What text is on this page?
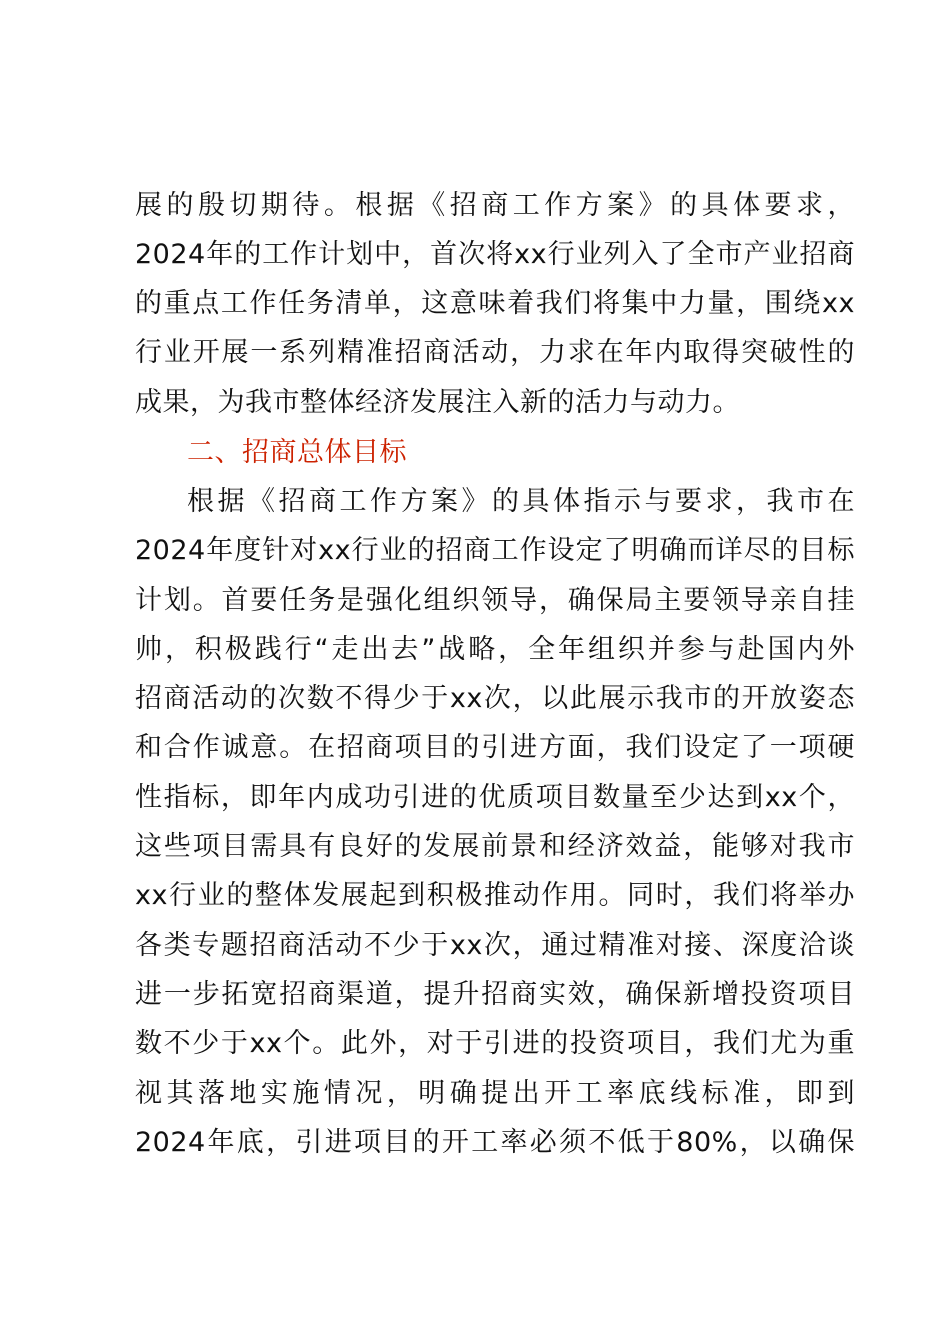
展的殷切期待。根据《招商工作方案》的具体要求，
2024年的工作计划中，首次将xx行业列入了全市产业招商
的重点工作任务清单，这意味着我们将集中力量，围绕xx
行业开展一系列精准招商活动，力求在年内取得突破性的
成果，为我市整体经济发展注入新的活力与动力。
二、招商总体目标
根据《招商工作方案》的具体指示与要求，我市在
2024年度针对xx行业的招商工作设定了明确而详尽的目标
计划。首要任务是强化组织领导，确保局主要领导亲自挂
帅，积极践行“走出去”战略，全年组织并参与赴国内外
招商活动的次数不得少于xx次，以此展示我市的开放姿态
和合作诚意。在招商项目的引进方面，我们设定了一项硬
性指标，即年内成功引进的优质项目数量至少达到xx个，
这些项目需具有良好的发展前景和经济效益，能够对我市
xx行业的整体发展起到积极推动作用。同时，我们将举办
各类专题招商活动不少于xx次，通过精准对接、深度洽谈
进一步拓宽招商渠道，提升招商实效，确保新增投资项目
数不少于xx个。此外，对于引进的投资项目，我们尤为重
视其落地实施情况，明确提出开工率底线标准，即到
2024年底，引进项目的开工率必须不低于80%，以确保
